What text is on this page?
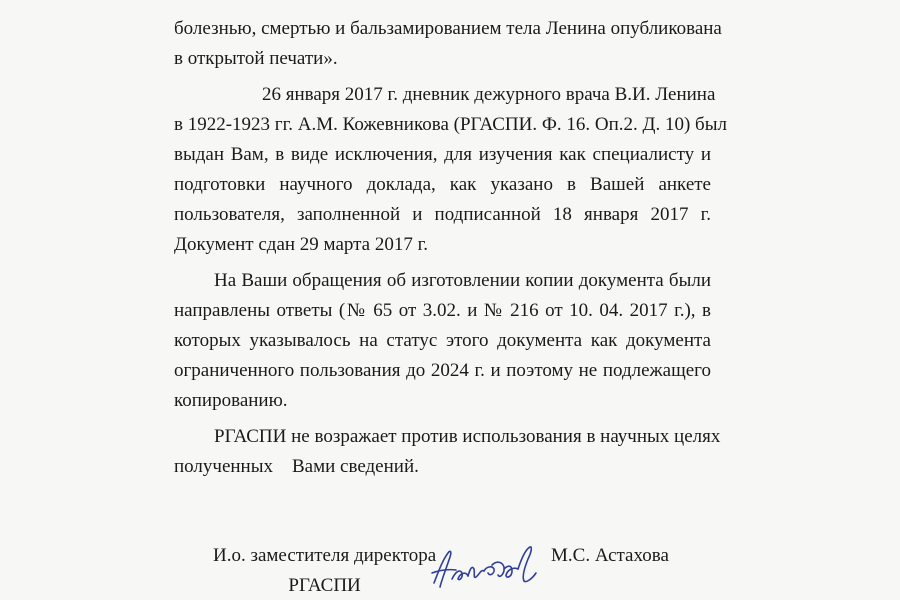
болезнью, смертью и бальзамированием тела Ленина опубликована
в открытой печати».

26 января 2017 г. дневник дежурного врача В.И. Ленина
в 1922-1923 гг. А.М. Кожевникова (РГАСПИ. Ф. 16. Оп.2. Д. 10) был
выдан Вам, в виде исключения, для изучения как специалисту и
подготовки научного доклада, как указано в Вашей анкете
пользователя, заполненной и подписанной 18 января 2017 г.
Документ сдан 29 марта 2017 г.

На Ваши обращения об изготовлении копии документа были
направлены ответы (№ 65 от 3.02. и № 216 от 10. 04. 2017 г.), в
которых указывалось на статус этого документа как документа
ограниченного пользования до 2024 г. и поэтому не подлежащего
копированию.

РГАСПИ не возражает против использования в научных целях
полученных    Вами сведений.

И.о. заместителя директора
РГАСПИ
М.С. Астахова
